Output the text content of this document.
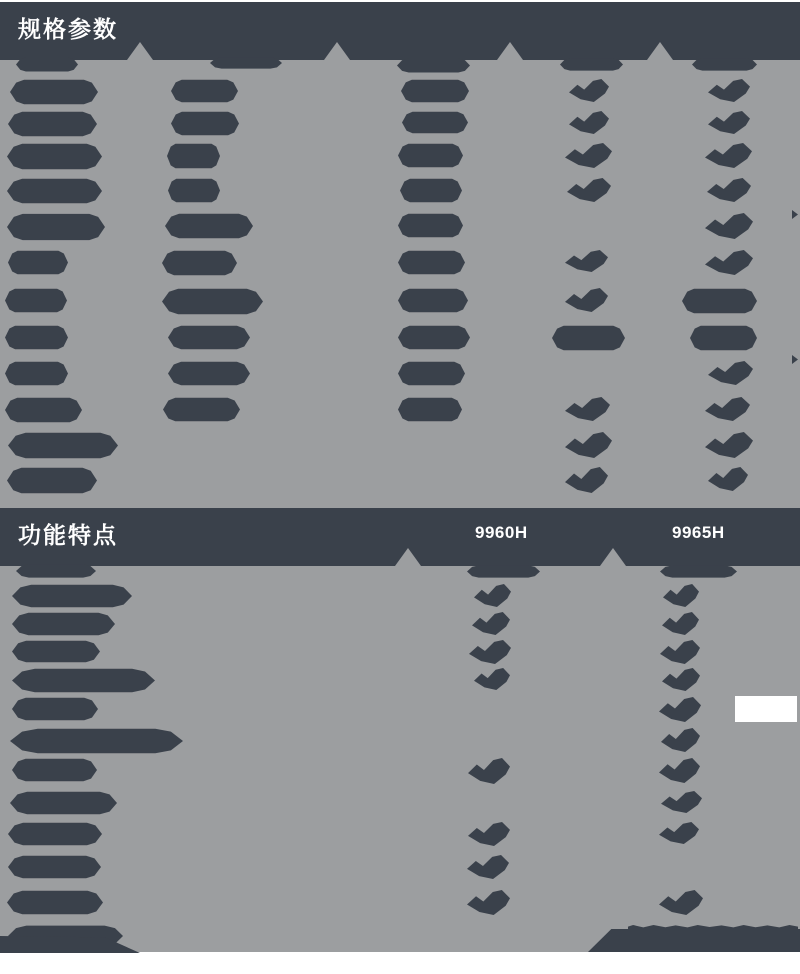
规格参数
功能特点	9960H	9965H
